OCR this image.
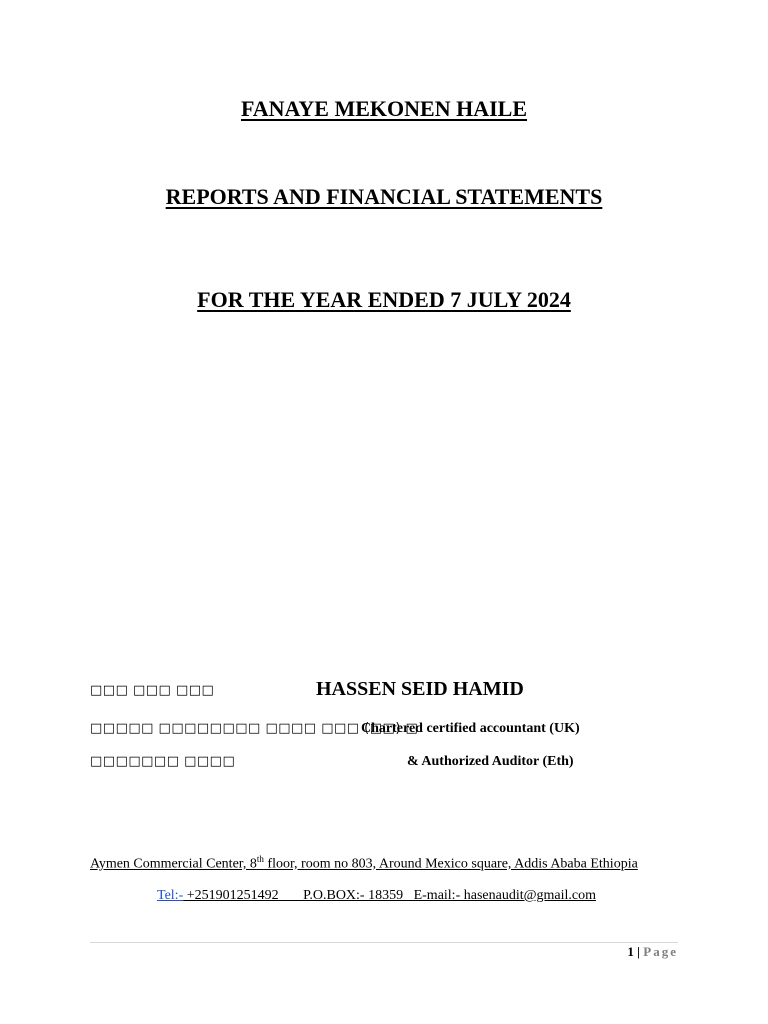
FANAYE MEKONEN HAILE
REPORTS AND FINANCIAL STATEMENTS
FOR THE YEAR ENDED 7 JULY 2024
□□□ □□□ □□□	HASSEN SEID HAMID
□□□□□ □□□□□□□□ □□□□ □□□ (□□) □
Chartered certified accountant (UK)
□□□□□□□ □□□□	& Authorized Auditor (Eth)
Aymen Commercial Center, 8th floor, room no 803, Around Mexico square, Addis Ababa Ethiopia
Tel:- +251901251492       P.O.BOX:- 18359   E-mail:- hasenaudit@gmail.com
1 | Page
